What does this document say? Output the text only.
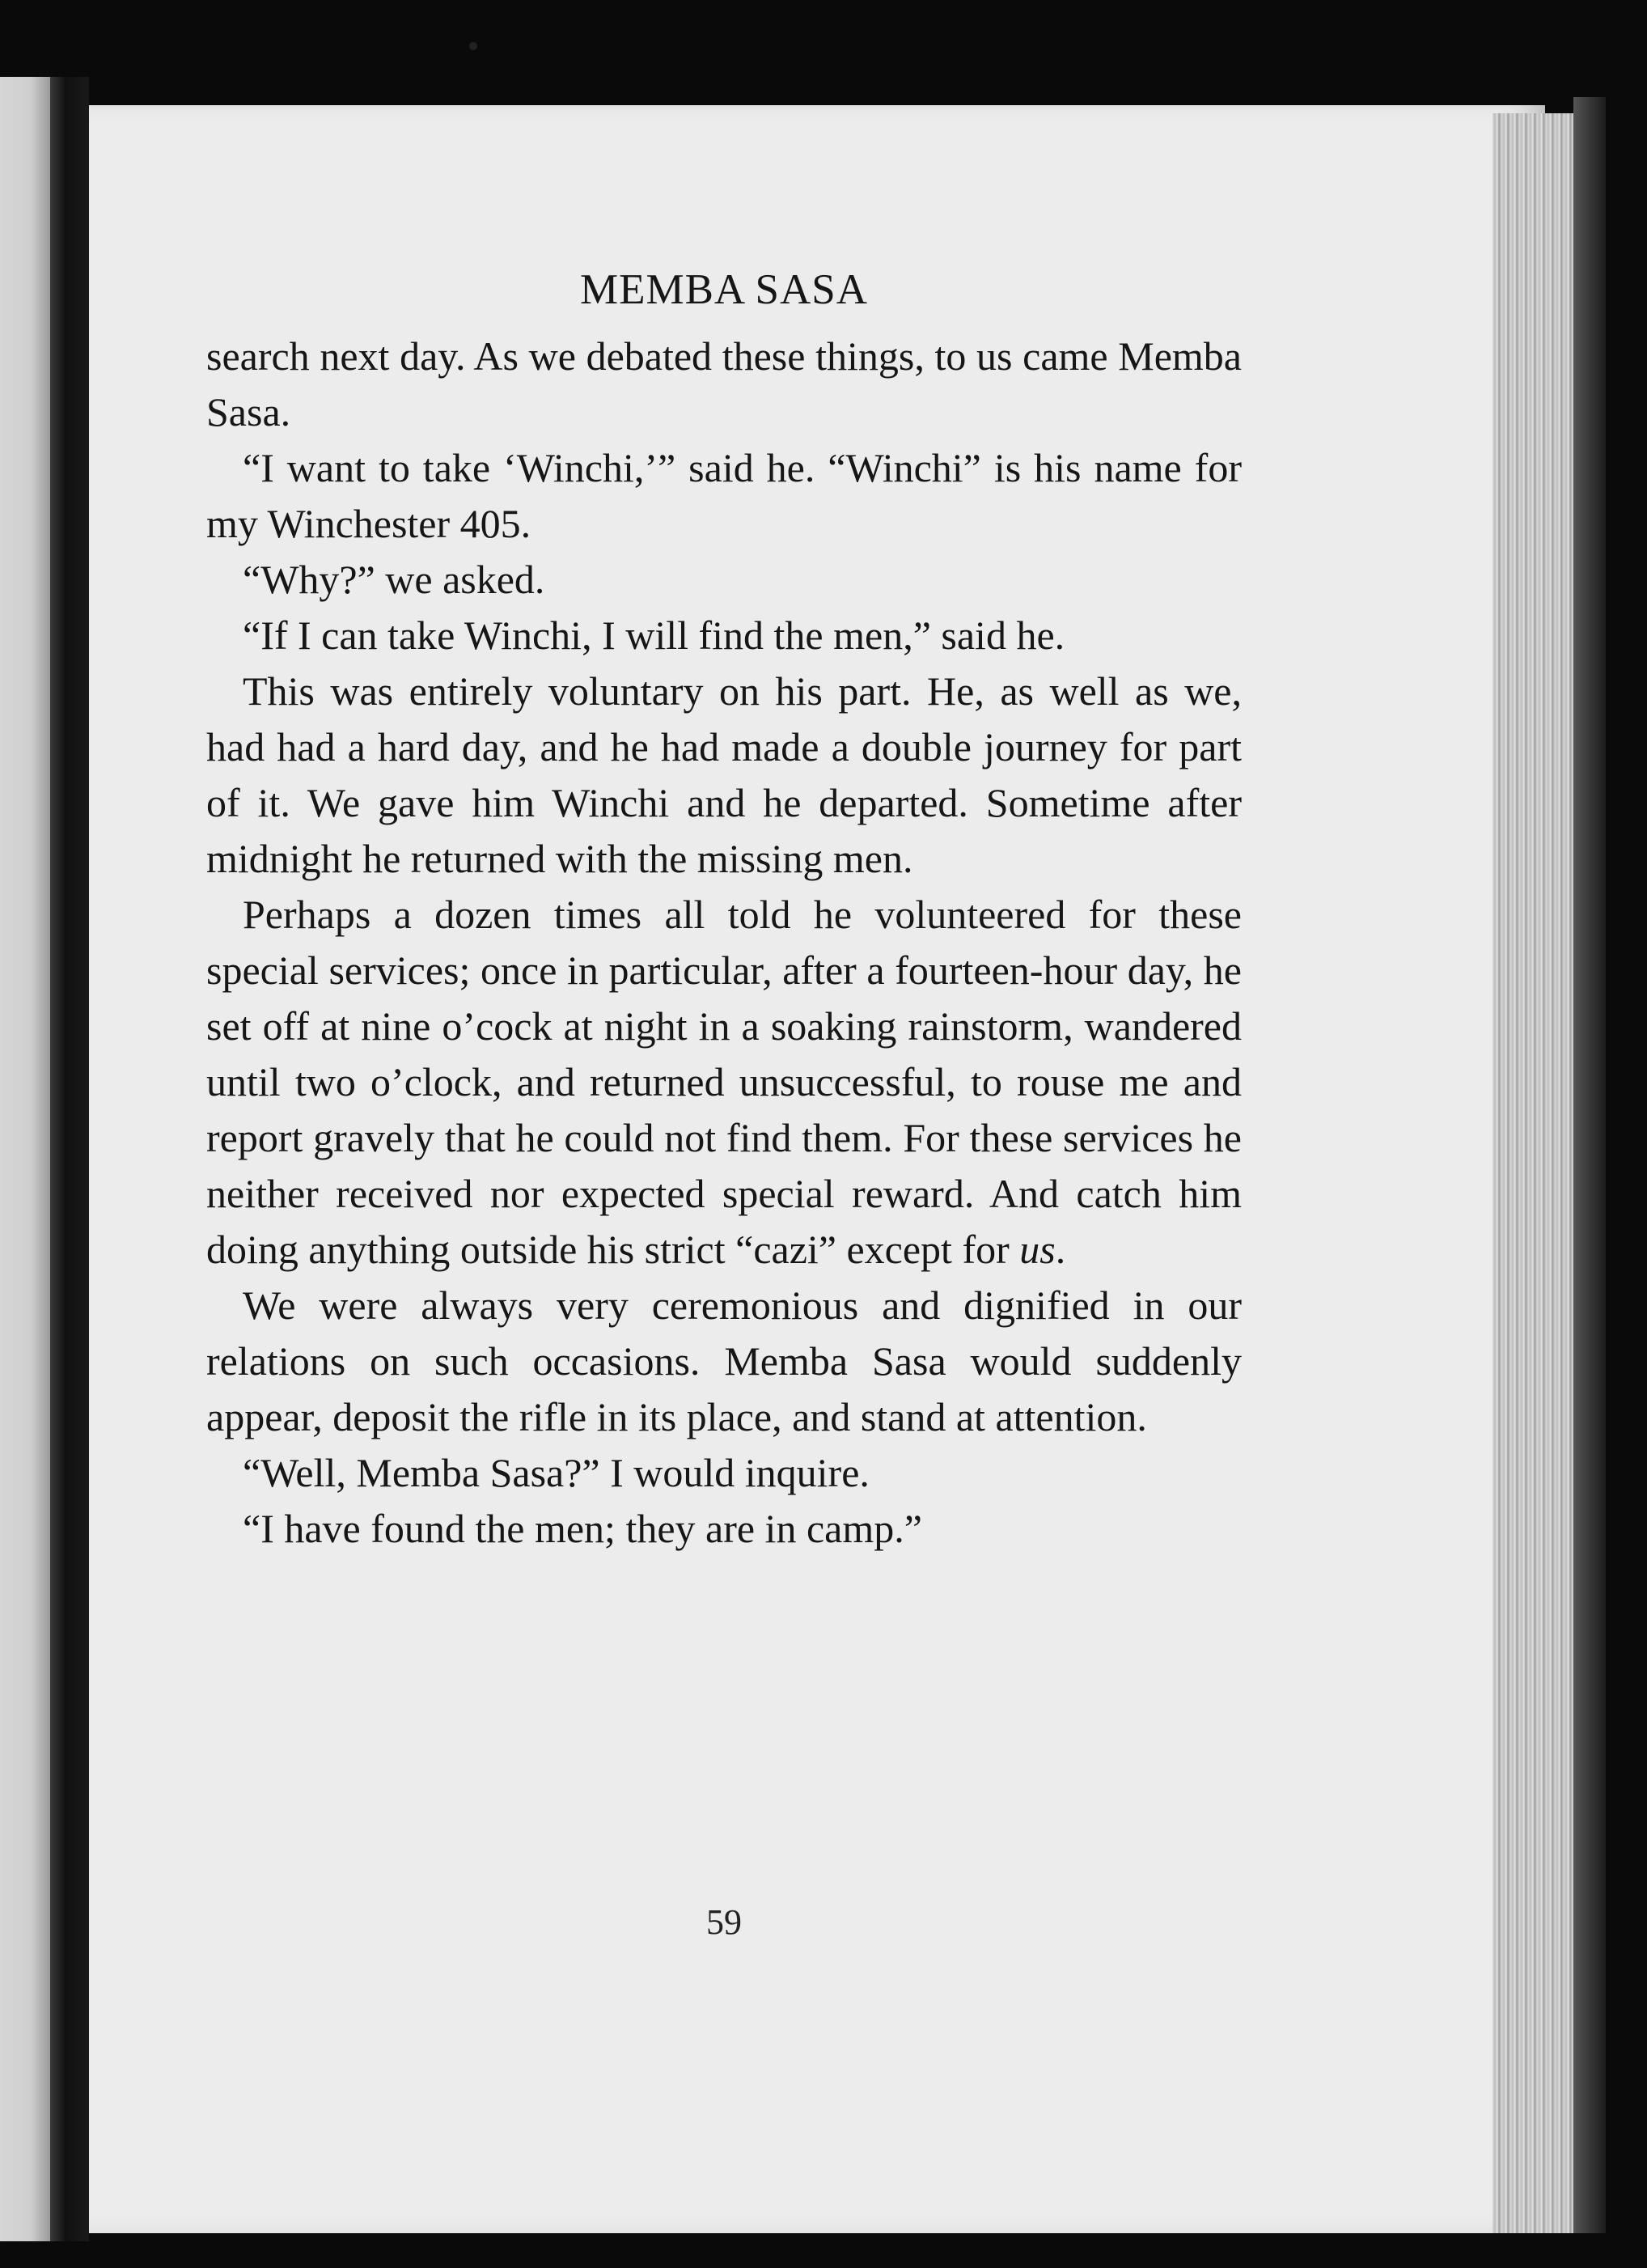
MEMBA SASA

search next day. As we debated these things, to us came Memba Sasa.

“I want to take ‘Winchi,’” said he. “Winchi” is his name for my Winchester 405.

“Why?” we asked.

“If I can take Winchi, I will find the men,” said he.

This was entirely voluntary on his part. He, as well as we, had had a hard day, and he had made a double journey for part of it. We gave him Winchi and he departed. Sometime after midnight he returned with the missing men.

Perhaps a dozen times all told he volunteered for these special services; once in particular, after a fourteen-hour day, he set off at nine o’cock at night in a soaking rainstorm, wandered until two o’clock, and returned unsuccessful, to rouse me and report gravely that he could not find them. For these services he neither received nor expected special reward. And catch him doing anything outside his strict “cazi” except for us.

We were always very ceremonious and dignified in our relations on such occasions. Memba Sasa would suddenly appear, deposit the rifle in its place, and stand at attention.

“Well, Memba Sasa?” I would inquire.

“I have found the men; they are in camp.”

59
